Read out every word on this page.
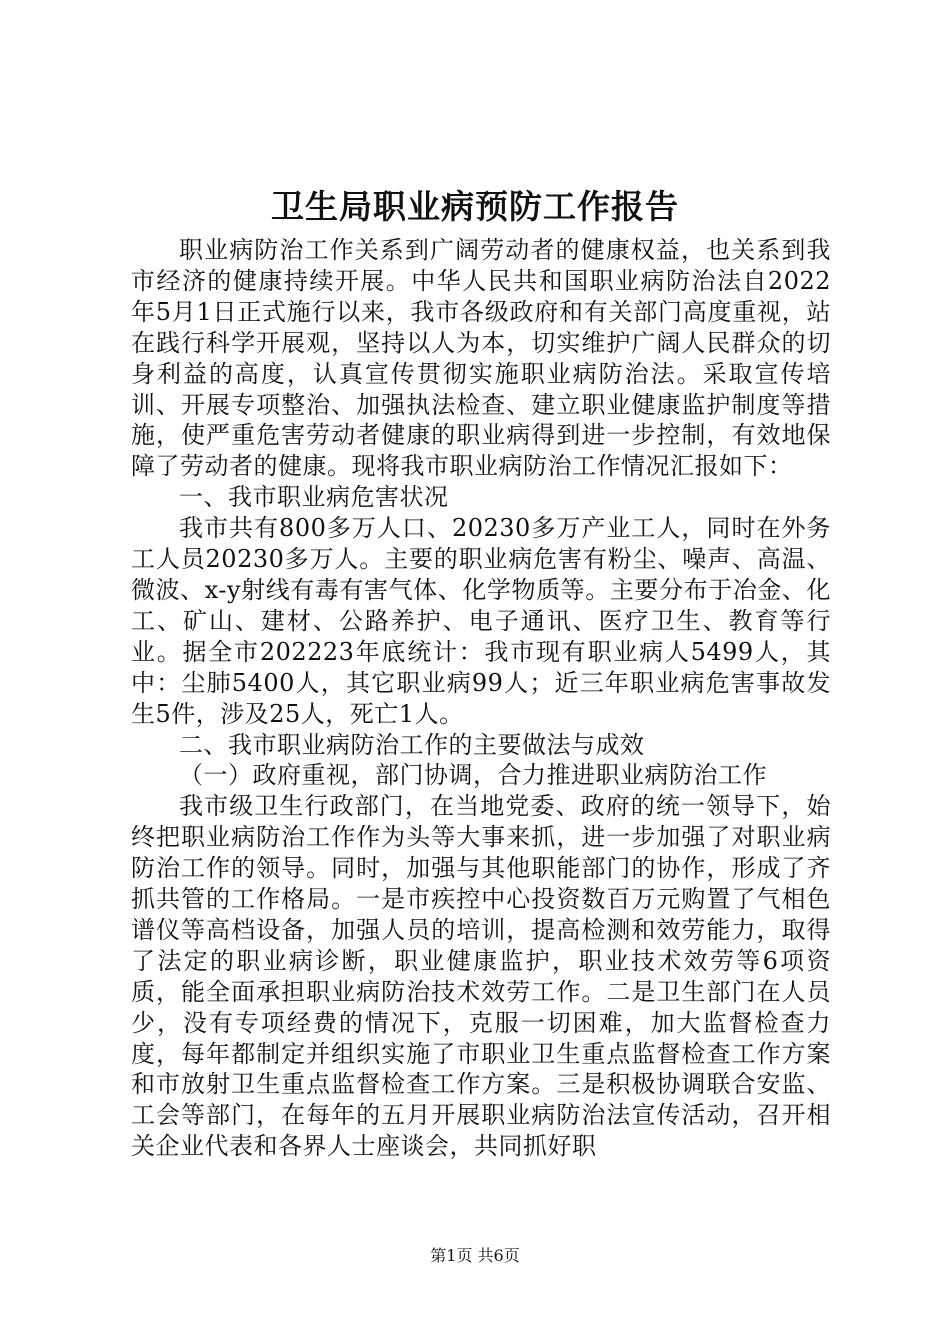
卫生局职业病预防工作报告

职业病防治工作关系到广阔劳动者的健康权益，也关系到我市经济的健康持续开展。中华人民共和国职业病防治法自2022年5月1日正式施行以来，我市各级政府和有关部门高度重视，站在践行科学开展观，坚持以人为本，切实维护广阔人民群众的切身利益的高度，认真宣传贯彻实施职业病防治法。采取宣传培训、开展专项整治、加强执法检查、建立职业健康监护制度等措施，使严重危害劳动者健康的职业病得到进一步控制，有效地保障了劳动者的健康。现将我市职业病防治工作情况汇报如下：

一、我市职业病危害状况

我市共有800多万人口、20230多万产业工人，同时在外务工人员20230多万人。主要的职业病危害有粉尘、噪声、高温、微波、x-y射线有毒有害气体、化学物质等。主要分布于冶金、化工、矿山、建材、公路养护、电子通讯、医疗卫生、教育等行业。据全市202223年底统计：我市现有职业病人5499人，其中：尘肺5400人，其它职业病99人；近三年职业病危害事故发生5件，涉及25人，死亡1人。

二、我市职业病防治工作的主要做法与成效

（一）政府重视，部门协调，合力推进职业病防治工作

我市级卫生行政部门，在当地党委、政府的统一领导下，始终把职业病防治工作作为头等大事来抓，进一步加强了对职业病防治工作的领导。同时，加强与其他职能部门的协作，形成了齐抓共管的工作格局。一是市疾控中心投资数百万元购置了气相色谱仪等高档设备，加强人员的培训，提高检测和效劳能力，取得了法定的职业病诊断，职业健康监护，职业技术效劳等6项资质，能全面承担职业病防治技术效劳工作。二是卫生部门在人员少，没有专项经费的情况下，克服一切困难，加大监督检查力度，每年都制定并组织实施了市职业卫生重点监督检查工作方案和市放射卫生重点监督检查工作方案。三是积极协调联合安监、工会等部门，在每年的五月开展职业病防治法宣传活动，召开相关企业代表和各界人士座谈会，共同抓好职

第1页 共6页
